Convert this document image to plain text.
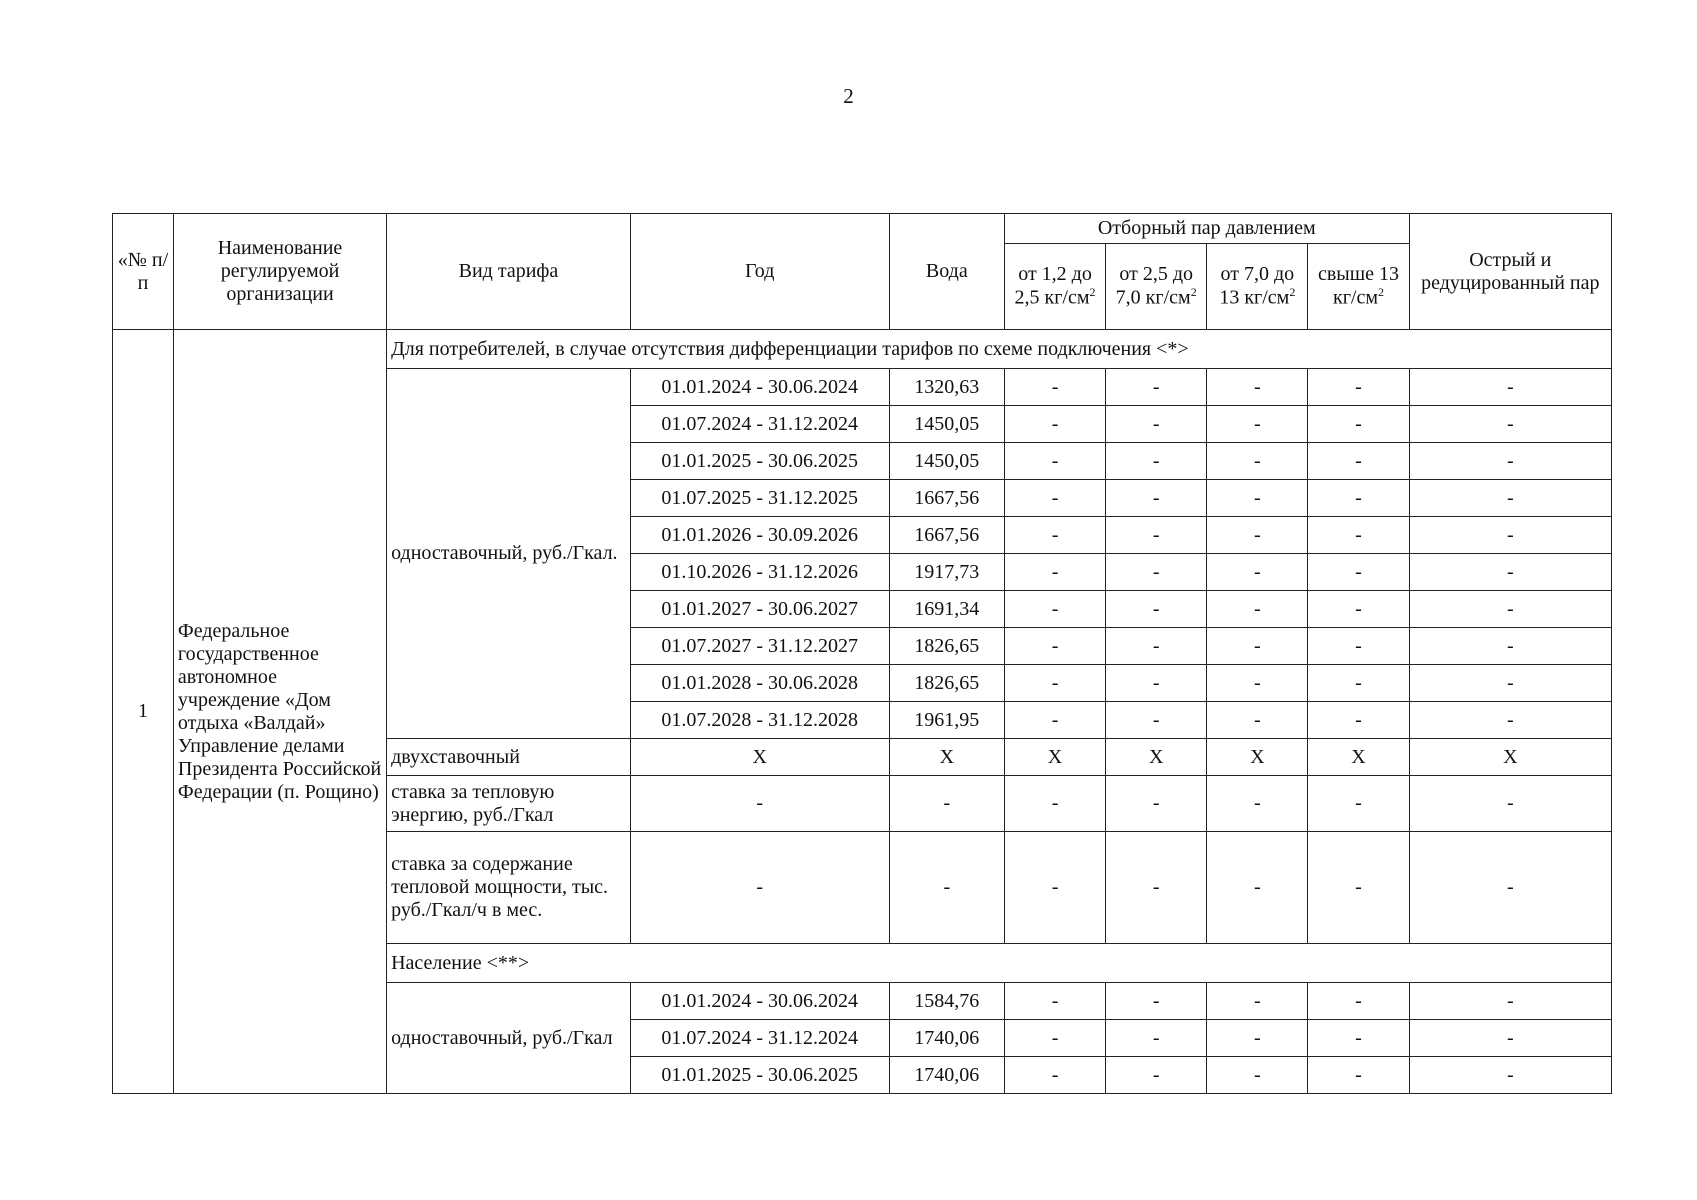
2
«№ п/п	Наименование регулируемой организации	Вид тарифа	Год	Вода	Отборный пар давлением				Острый и редуцированный пар
					от 1,2 до 2,5 $кг/см^2$	от 2,5 до 7,0 $кг/см^2$	от 7,0 до 13 $кг/см^2$	свыше 13 $кг/см^2$
1	Федеральное государственное автономное учреждение «Дом отдыха «Валдай» Управление делами Президента Российской Федерации (п. Рощино)	Для потребителей, в случае отсутствия дифференциации тарифов по схеме подключения <*>							
		одноставочный, руб./Гкал.	01.01.2024 - 30.06.2024	1320,63	-	-	-	-	-
			01.07.2024 - 31.12.2024	1450,05	-	-	-	-	-
			01.01.2025 - 30.06.2025	1450,05	-	-	-	-	-
			01.07.2025 - 31.12.2025	1667,56	-	-	-	-	-
			01.01.2026 - 30.09.2026	1667,56	-	-	-	-	-
			01.10.2026 - 31.12.2026	1917,73	-	-	-	-	-
			01.01.2027 - 30.06.2027	1691,34	-	-	-	-	-
			01.07.2027 - 31.12.2027	1826,65	-	-	-	-	-
			01.01.2028 - 30.06.2028	1826,65	-	-	-	-	-
			01.07.2028 - 31.12.2028	1961,95	-	-	-	-	-
		двухставочный	X	X	X	X	X	X	X
		ставка за тепловую энергию, руб./Гкал	-	-	-	-	-	-	-
		ставка за содержание тепловой мощности, тыс. руб./Гкал/ч в мес.	-	-	-	-	-	-	-
		Население <**>							
		одноставочный, руб./Гкал	01.01.2024 - 30.06.2024	1584,76	-	-	-	-	-
			01.07.2024 - 31.12.2024	1740,06	-	-	-	-	-
			01.01.2025 - 30.06.2025	1740,06	-	-	-	-	-
